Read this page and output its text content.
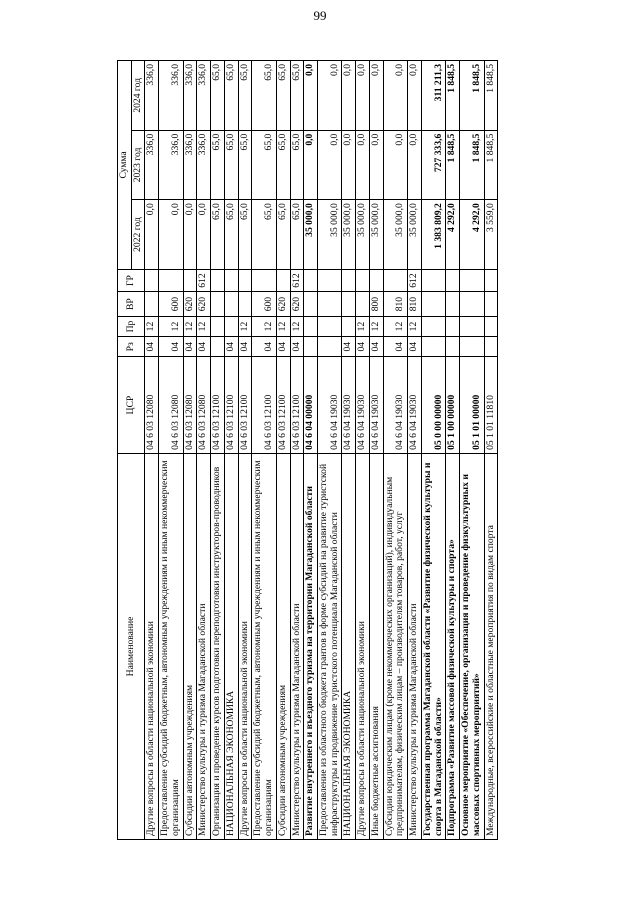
99
Наименование	ЦСР	Рз	Пр	ВР	ГР	Сумма		
						2022 год	2023 год	2024 год
Другие вопросы в области национальной экономики	04 6 03 12080	04	12			0,0	336,0	336,0
Предоставление субсидий бюджетным, автономным учреждениям и иным некоммерческим организациям	04 6 03 12080	04	12	600		0,0	336,0	336,0
Субсидии автономным учреждениям	04 6 03 12080	04	12	620		0,0	336,0	336,0
Министерство культуры и туризма Магаданской области	04 6 03 12080	04	12	620	612	0,0	336,0	336,0
Организация и проведение курсов подготовки переподготовки инструкторов-проводников	04 6 03 12100					65,0	65,0	65,0
НАЦИОНАЛЬНАЯ ЭКОНОМИКА	04 6 03 12100	04				65,0	65,0	65,0
Другие вопросы в области национальной экономики	04 6 03 12100	04	12			65,0	65,0	65,0
Предоставление субсидий бюджетным, автономным учреждениям и иным некоммерческим организациям	04 6 03 12100	04	12	600		65,0	65,0	65,0
Субсидии автономным учреждениям	04 6 03 12100	04	12	620		65,0	65,0	65,0
Министерство культуры и туризма Магаданской области	04 6 03 12100	04	12	620	612	65,0	65,0	65,0
Развитие внутреннего и въездного туризма на территории Магаданской области	04 6 04 00000					35 000,0	0,0	0,0
Предоставление из областного бюджета грантов в форме субсидий на развитие туристской инфраструктуры и продвижение туристского потенциала Магаданской области	04 6 04 19030					35 000,0	0,0	0,0
НАЦИОНАЛЬНАЯ ЭКОНОМИКА	04 6 04 19030	04				35 000,0	0,0	0,0
Другие вопросы в области национальной экономики	04 6 04 19030	04	12			35 000,0	0,0	0,0
Иные бюджетные ассигнования	04 6 04 19030	04	12	800		35 000,0	0,0	0,0
Субсидии юридическим лицам (кроме некоммерческих организаций), индивидуальным предпринимателям, физическим лицам – производителям товаров, работ, услуг	04 6 04 19030	04	12	810		35 000,0	0,0	0,0
Министерство культуры и туризма Магаданской области	04 6 04 19030	04	12	810	612	35 000,0	0,0	0,0
Государственная программа Магаданской области «Развитие физической культуры и спорта в Магаданской области»	05 0 00 00000					1 383 809,2	727 333,6	311 211,3
Подпрограмма «Развитие массовой физической культуры и спорта»	05 1 00 00000					4 292,0	1 848,5	1 848,5
Основное мероприятие «Обеспечение, организация и проведение физкультурных и массовых спортивных мероприятий»	05 1 01 00000					4 292,0	1 848,5	1 848,5
Международные, всероссийские и областные мероприятия по видам спорта	05 1 01 11810					3 559,0	1 848,5	1 848,5
